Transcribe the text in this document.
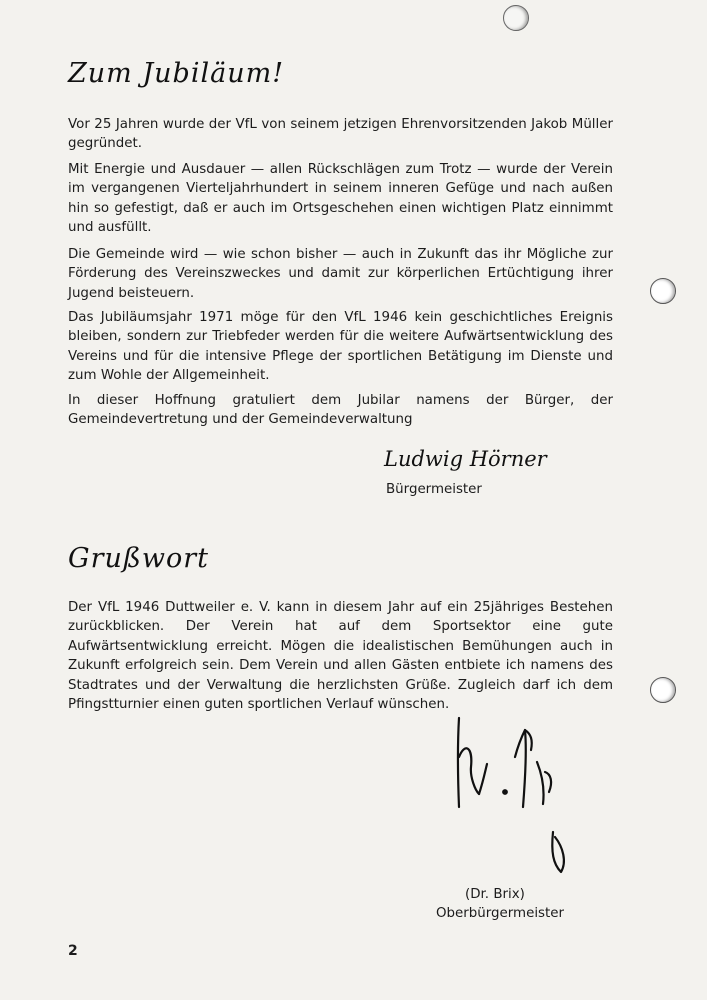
Zum Jubiläum!

Vor 25 Jahren wurde der VfL von seinem jetzigen Ehrenvorsitzenden Jakob Müller gegründet.

Mit Energie und Ausdauer — allen Rückschlägen zum Trotz — wurde der Verein im vergangenen Vierteljahrhundert in seinem inneren Gefüge und nach außen hin so gefestigt, daß er auch im Ortsgeschehen einen wichtigen Platz einnimmt und ausfüllt.

Die Gemeinde wird — wie schon bisher — auch in Zukunft das ihr Mögliche zur Förderung des Vereinszweckes und damit zur körperlichen Ertüchtigung ihrer Jugend beisteuern.

Das Jubiläumsjahr 1971 möge für den VfL 1946 kein geschichtliches Ereignis bleiben, sondern zur Triebfeder werden für die weitere Aufwärtsentwicklung des Vereins und für die intensive Pflege der sportlichen Betätigung im Dienste und zum Wohle der Allgemeinheit.

In dieser Hoffnung gratuliert dem Jubilar namens der Bürger, der Gemeindevertretung und der Gemeindeverwaltung

Ludwig Hörner
Bürgermeister
Grußwort

Der VfL 1946 Duttweiler e. V. kann in diesem Jahr auf ein 25jähriges Bestehen zurückblicken. Der Verein hat auf dem Sportsektor eine gute Aufwärtsentwicklung erreicht. Mögen die idealistischen Bemühungen auch in Zukunft erfolgreich sein. Dem Verein und allen Gästen entbiete ich namens des Stadtrates und der Verwaltung die herzlichsten Grüße. Zugleich darf ich dem Pfingstturnier einen guten sportlichen Verlauf wünschen.

(Dr. Brix)
Oberbürgermeister
2
